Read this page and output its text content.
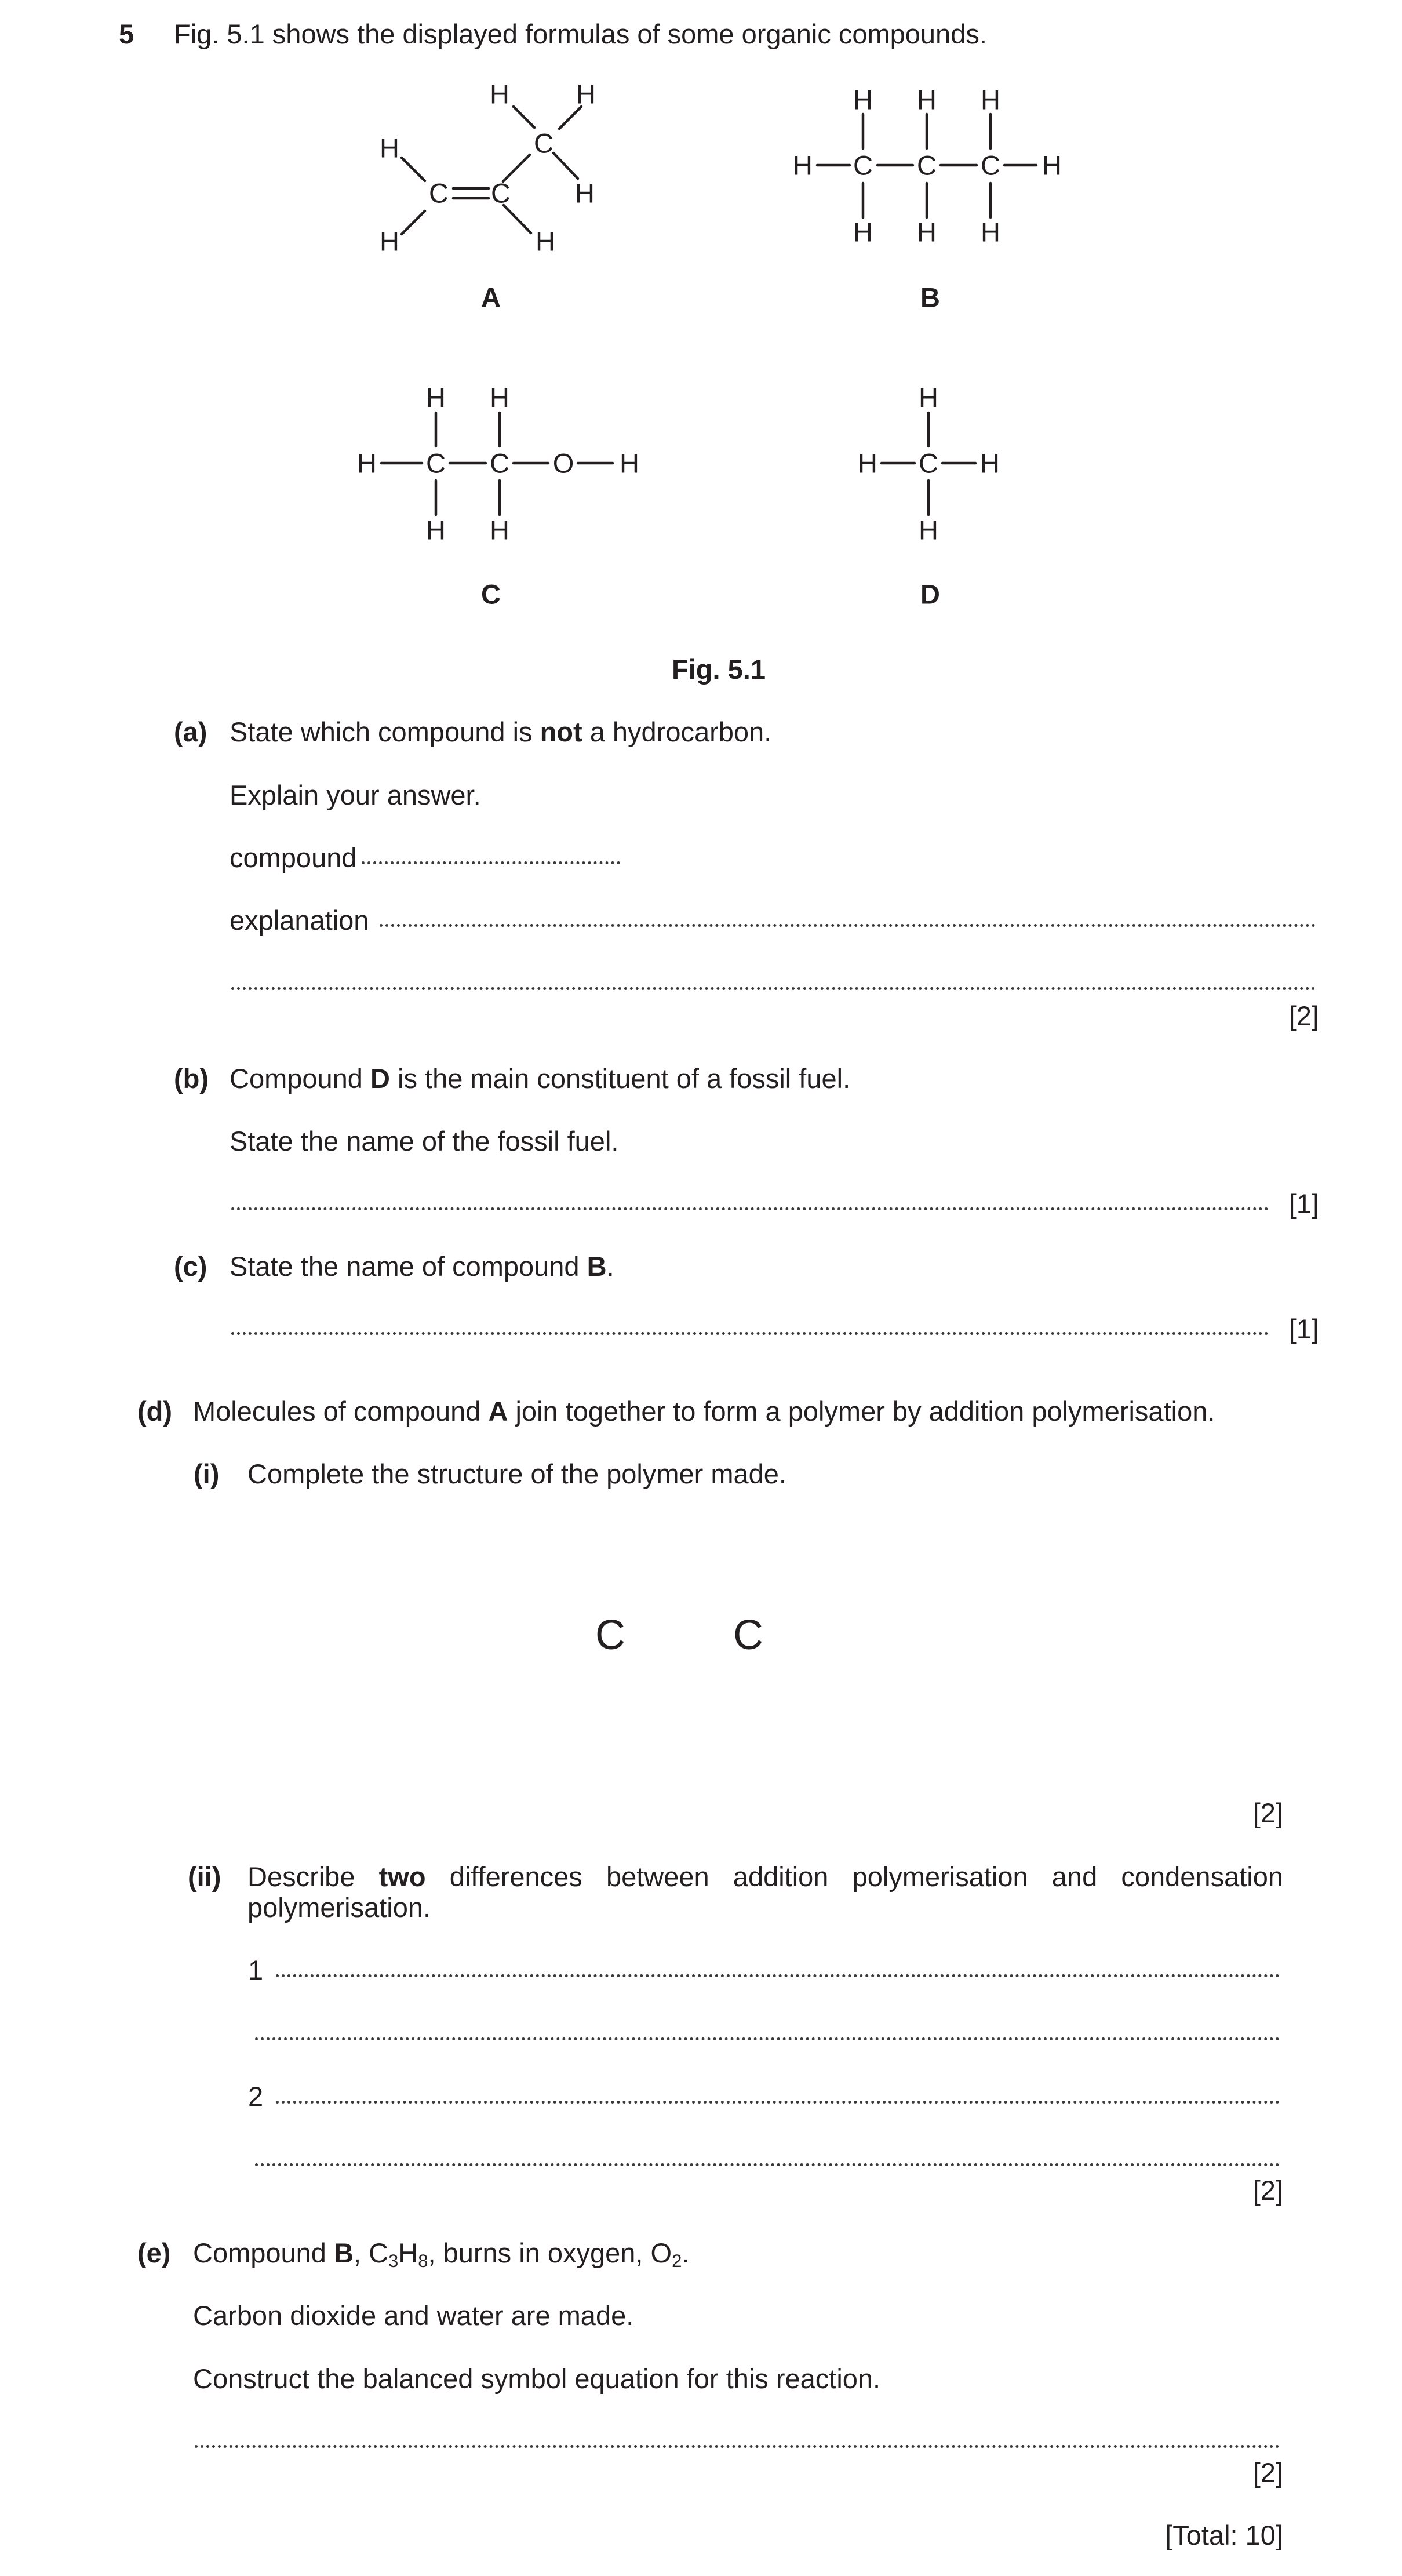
5 Fig. 5.1 shows the displayed formulas of some organic compounds.
H
H
C C
H H
C
H
H
H C C C H
H H H
H H H
H C C O H
H H
H H
H C H
H
H
A	B
C	D
Fig. 5.1
(a) State which compound is not a hydrocarbon.
Explain your answer.
compound
explanation
[2]
(b) Compound D is the main constituent of a fossil fuel.
State the name of the fossil fuel.
[1]
(c) State the name of compound B.
[1]
(d) Molecules of compound A join together to form a polymer by addition polymerisation.
(i) Complete the structure of the polymer made.
C	C
[2]
(ii) Describe two differences between addition polymerisation and condensation
polymerisation.
1
2
[2]
(e) Compound B, $C_3H_8$, burns in oxygen, $O_2$.
Carbon dioxide and water are made.
Construct the balanced symbol equation for this reaction.
[2]
[Total: 10]
